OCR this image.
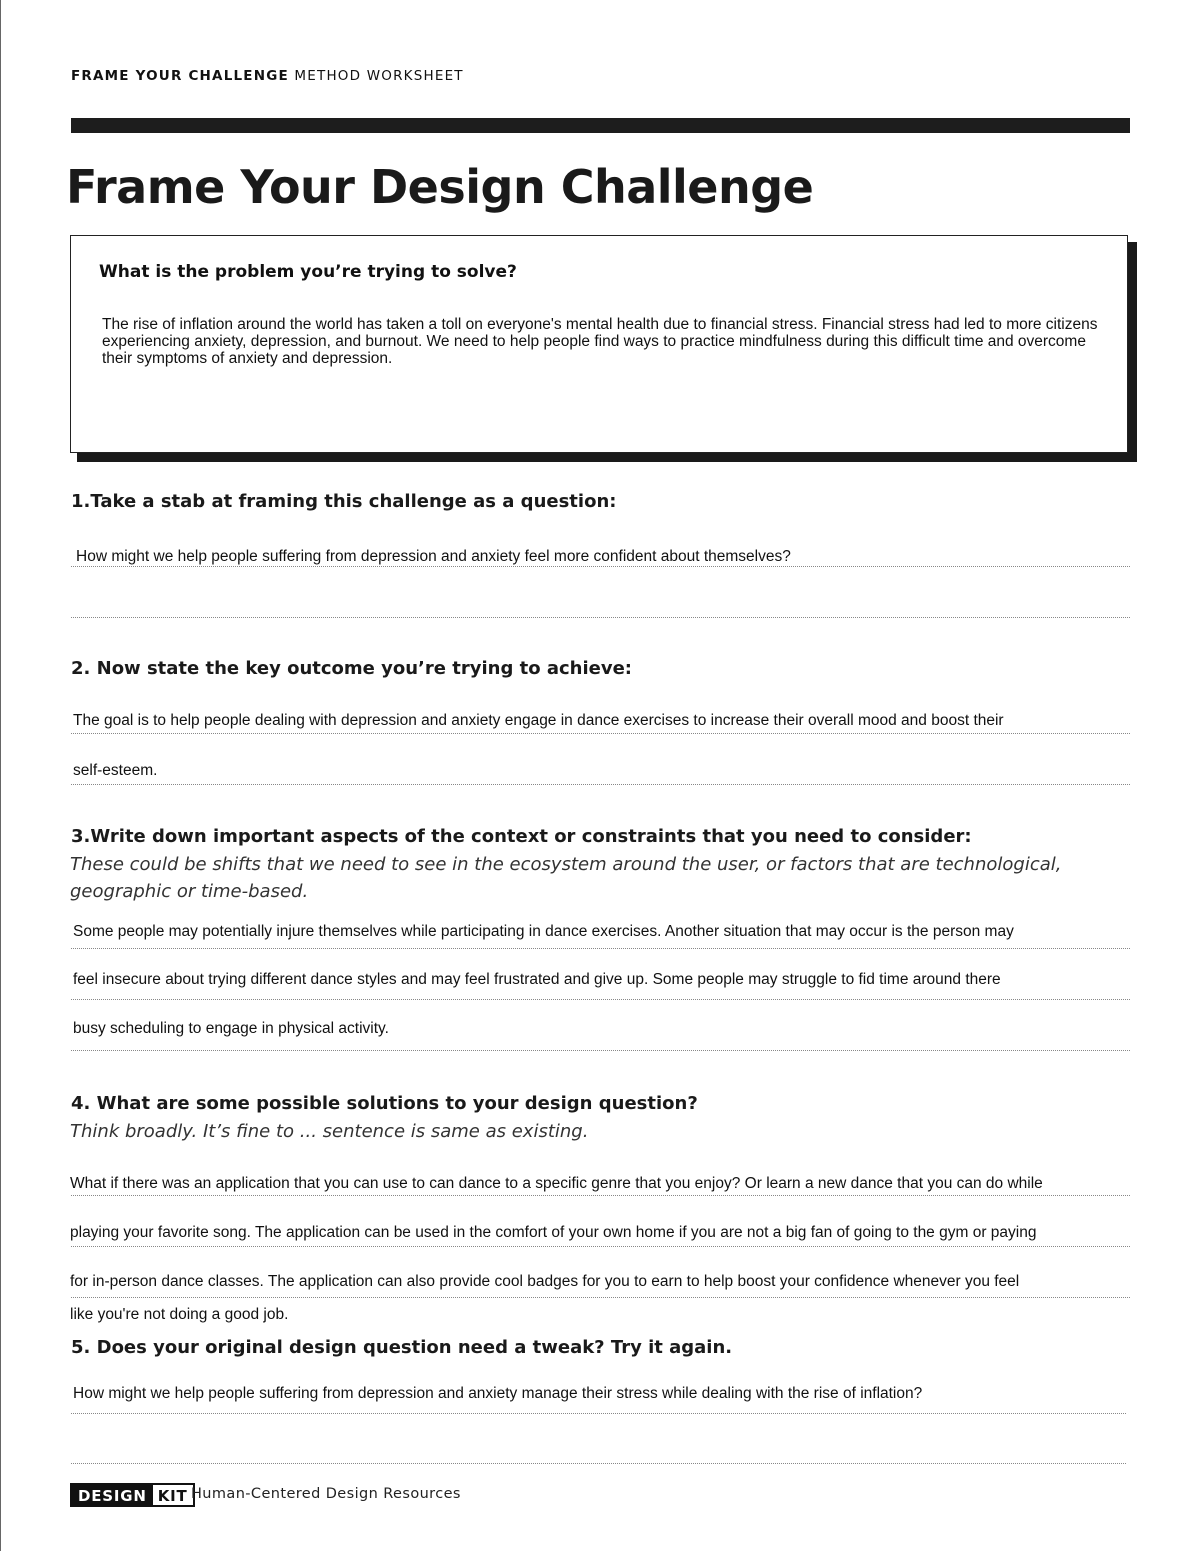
FRAME YOUR CHALLENGE METHOD WORKSHEET
Frame Your Design Challenge
What is the problem you’re trying to solve?
The rise of inflation around the world has taken a toll on everyone's mental health due to financial stress. Financial stress had led to more citizens experiencing anxiety, depression, and burnout. We need to help people find ways to practice mindfulness during this difficult time and overcome their symptoms of anxiety and depression.
1.Take a stab at framing this challenge as a question:
How might we help people suffering from depression and anxiety feel more confident about themselves?
2. Now state the key outcome you’re trying to achieve:
The goal is to help people dealing with depression and anxiety engage in dance exercises to increase their overall mood and boost their
self-esteem.
3.Write down important aspects of the context or constraints that you need to consider:
These could be shifts that we need to see in the ecosystem around the user, or factors that are technological,
geographic or time-based.
Some people may potentially injure themselves while participating in dance exercises. Another situation that may occur is the person may
feel insecure about trying different dance styles and may feel frustrated and give up. Some people may struggle to fid time around there
busy scheduling to engage in physical activity.
4. What are some possible solutions to your design question?
Think broadly. It’s fine to ... sentence is same as existing.
What if there was an application that you can use to can dance to a specific genre that you enjoy? Or learn a new dance that you can do while
playing your favorite song. The application can be used in the comfort of your own home if you are not a big fan of going to the gym or paying
for in-person dance classes. The application can also provide cool badges for you to earn to help boost your confidence whenever you feel
like you're not doing a good job.
5. Does your original design question need a tweak? Try it again.
How might we help people suffering from depression and anxiety manage their stress while dealing with the rise of inflation?
DESIGN KIT Human-Centered Design Resources
